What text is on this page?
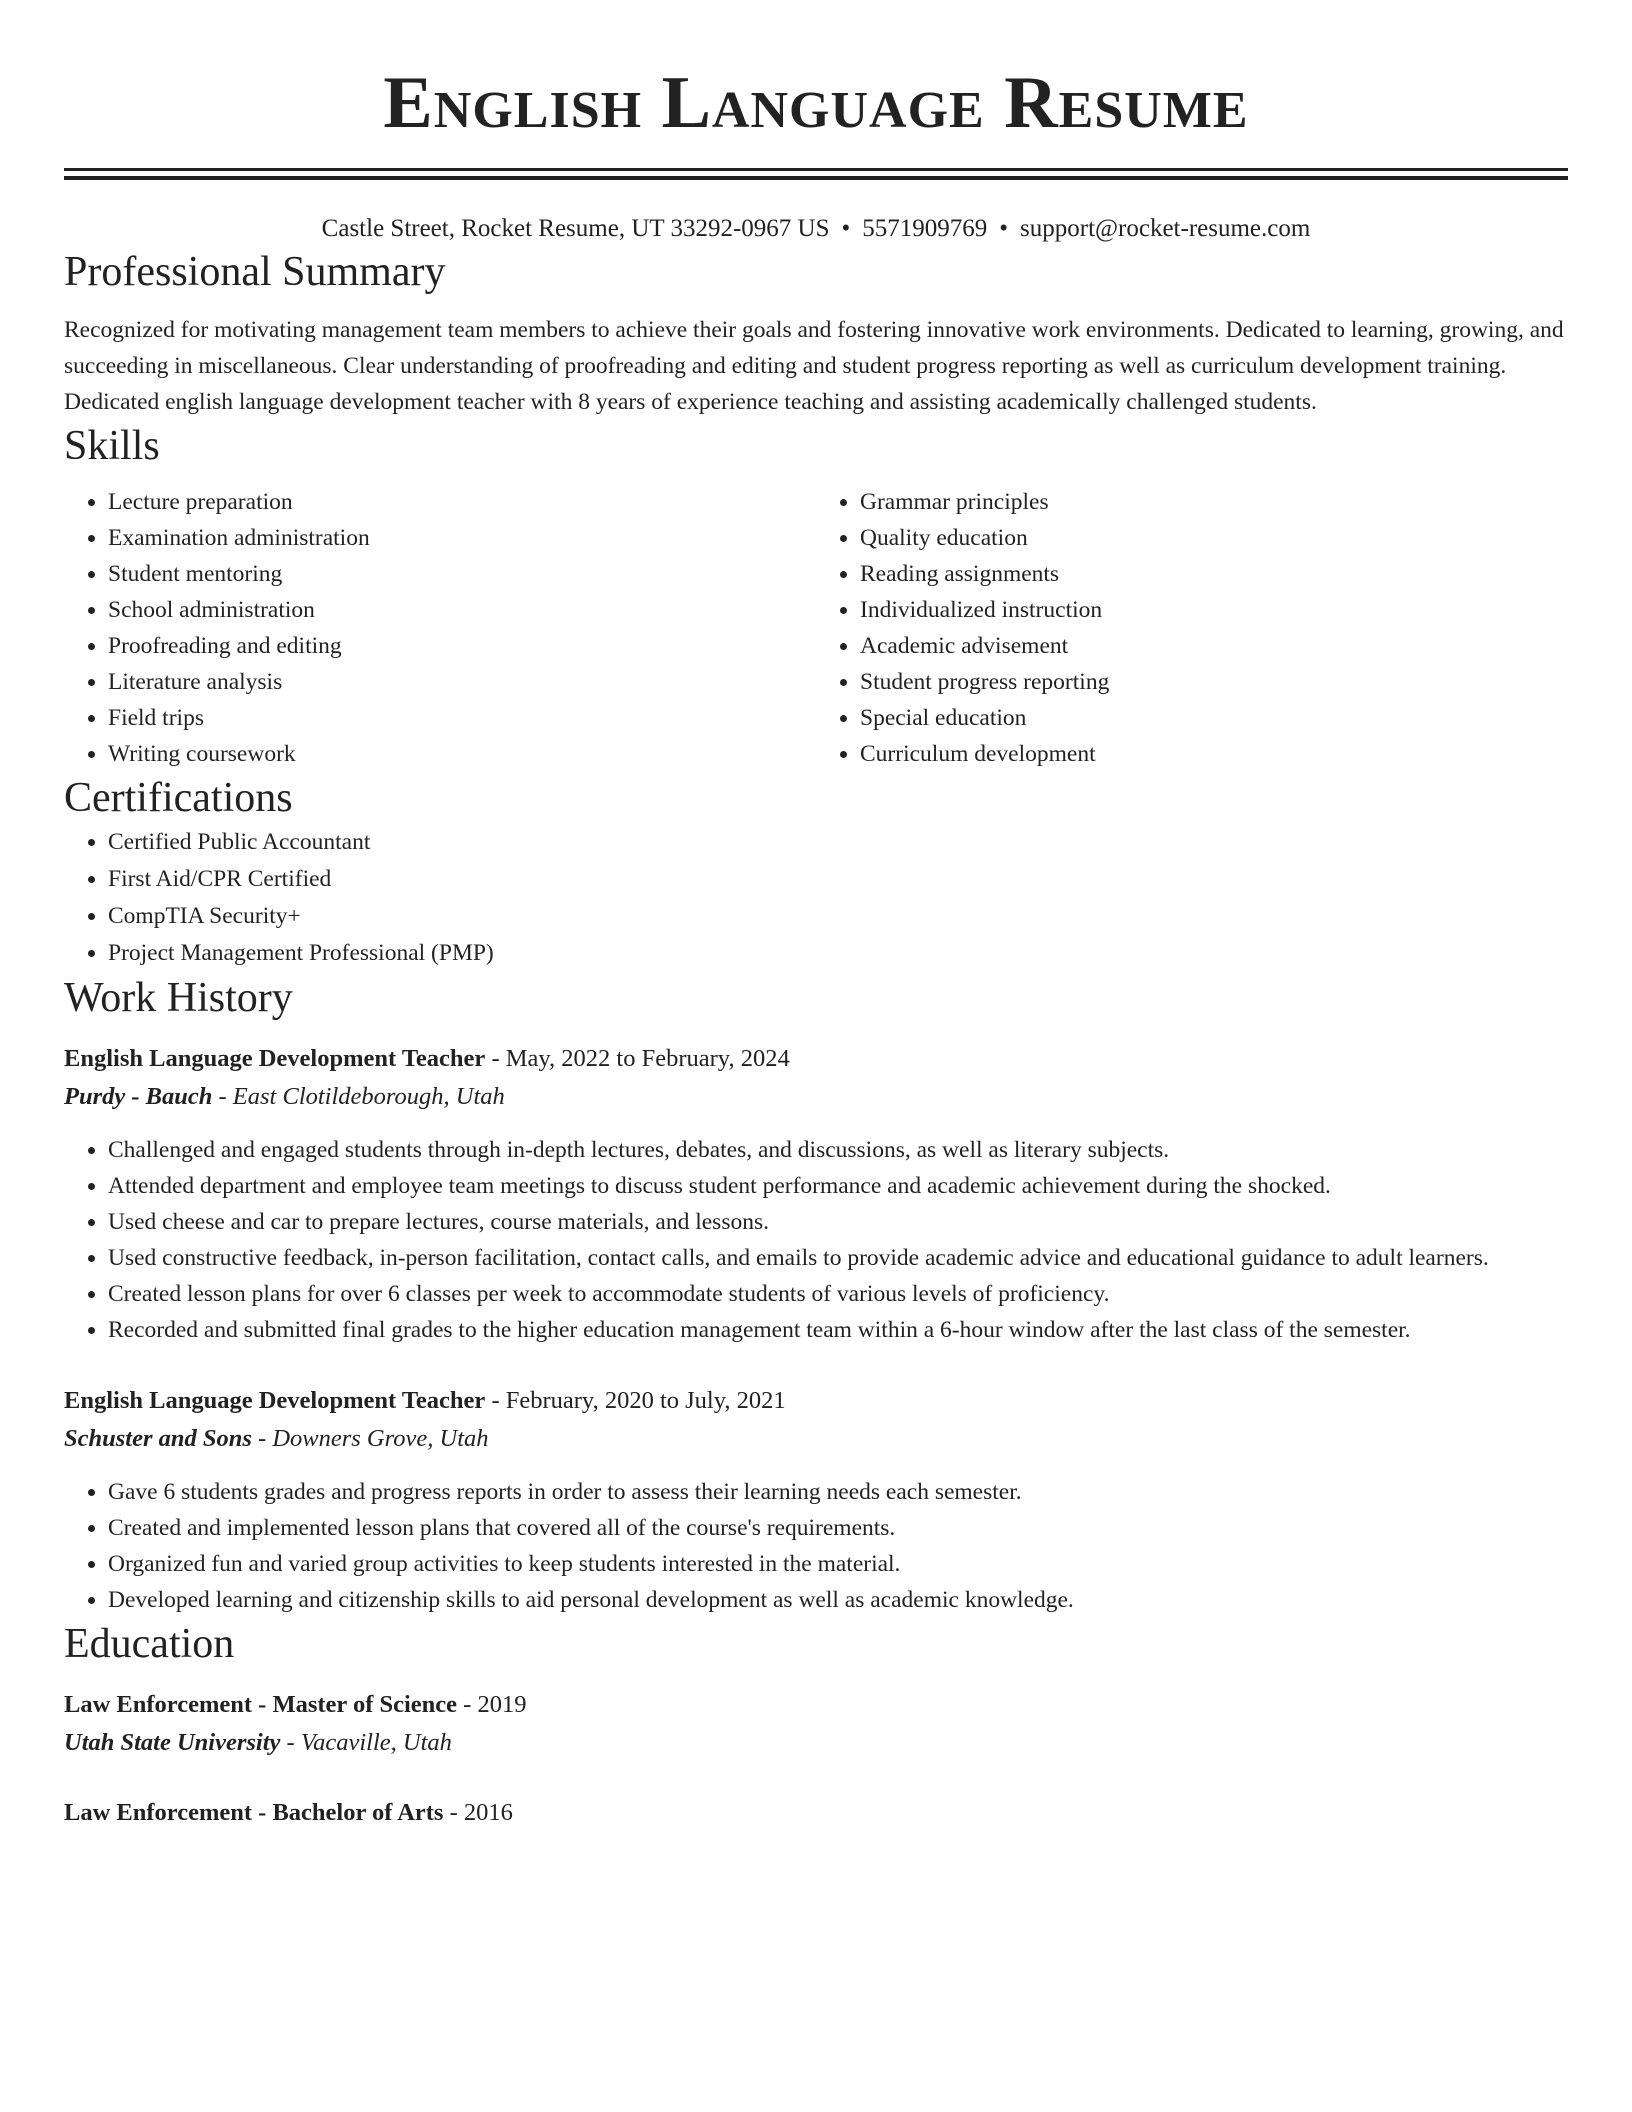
English Language Resume
Castle Street, Rocket Resume, UT 33292-0967 US • 5571909769 • support@rocket-resume.com
Professional Summary
Recognized for motivating management team members to achieve their goals and fostering innovative work environments. Dedicated to learning, growing, and succeeding in miscellaneous. Clear understanding of proofreading and editing and student progress reporting as well as curriculum development training. Dedicated english language development teacher with 8 years of experience teaching and assisting academically challenged students.
Skills
• Lecture preparation
• Examination administration
• Student mentoring
• School administration
• Proofreading and editing
• Literature analysis
• Field trips
• Writing coursework
• Grammar principles
• Quality education
• Reading assignments
• Individualized instruction
• Academic advisement
• Student progress reporting
• Special education
• Curriculum development
Certifications
• Certified Public Accountant
• First Aid/CPR Certified
• CompTIA Security+
• Project Management Professional (PMP)
Work History
English Language Development Teacher - May, 2022 to February, 2024
Purdy - Bauch - East Clotildeborough, Utah
• Challenged and engaged students through in-depth lectures, debates, and discussions, as well as literary subjects.
• Attended department and employee team meetings to discuss student performance and academic achievement during the shocked.
• Used cheese and car to prepare lectures, course materials, and lessons.
• Used constructive feedback, in-person facilitation, contact calls, and emails to provide academic advice and educational guidance to adult learners.
• Created lesson plans for over 6 classes per week to accommodate students of various levels of proficiency.
• Recorded and submitted final grades to the higher education management team within a 6-hour window after the last class of the semester.
English Language Development Teacher - February, 2020 to July, 2021
Schuster and Sons - Downers Grove, Utah
• Gave 6 students grades and progress reports in order to assess their learning needs each semester.
• Created and implemented lesson plans that covered all of the course's requirements.
• Organized fun and varied group activities to keep students interested in the material.
• Developed learning and citizenship skills to aid personal development as well as academic knowledge.
Education
Law Enforcement - Master of Science - 2019
Utah State University - Vacaville, Utah
Law Enforcement - Bachelor of Arts - 2016
